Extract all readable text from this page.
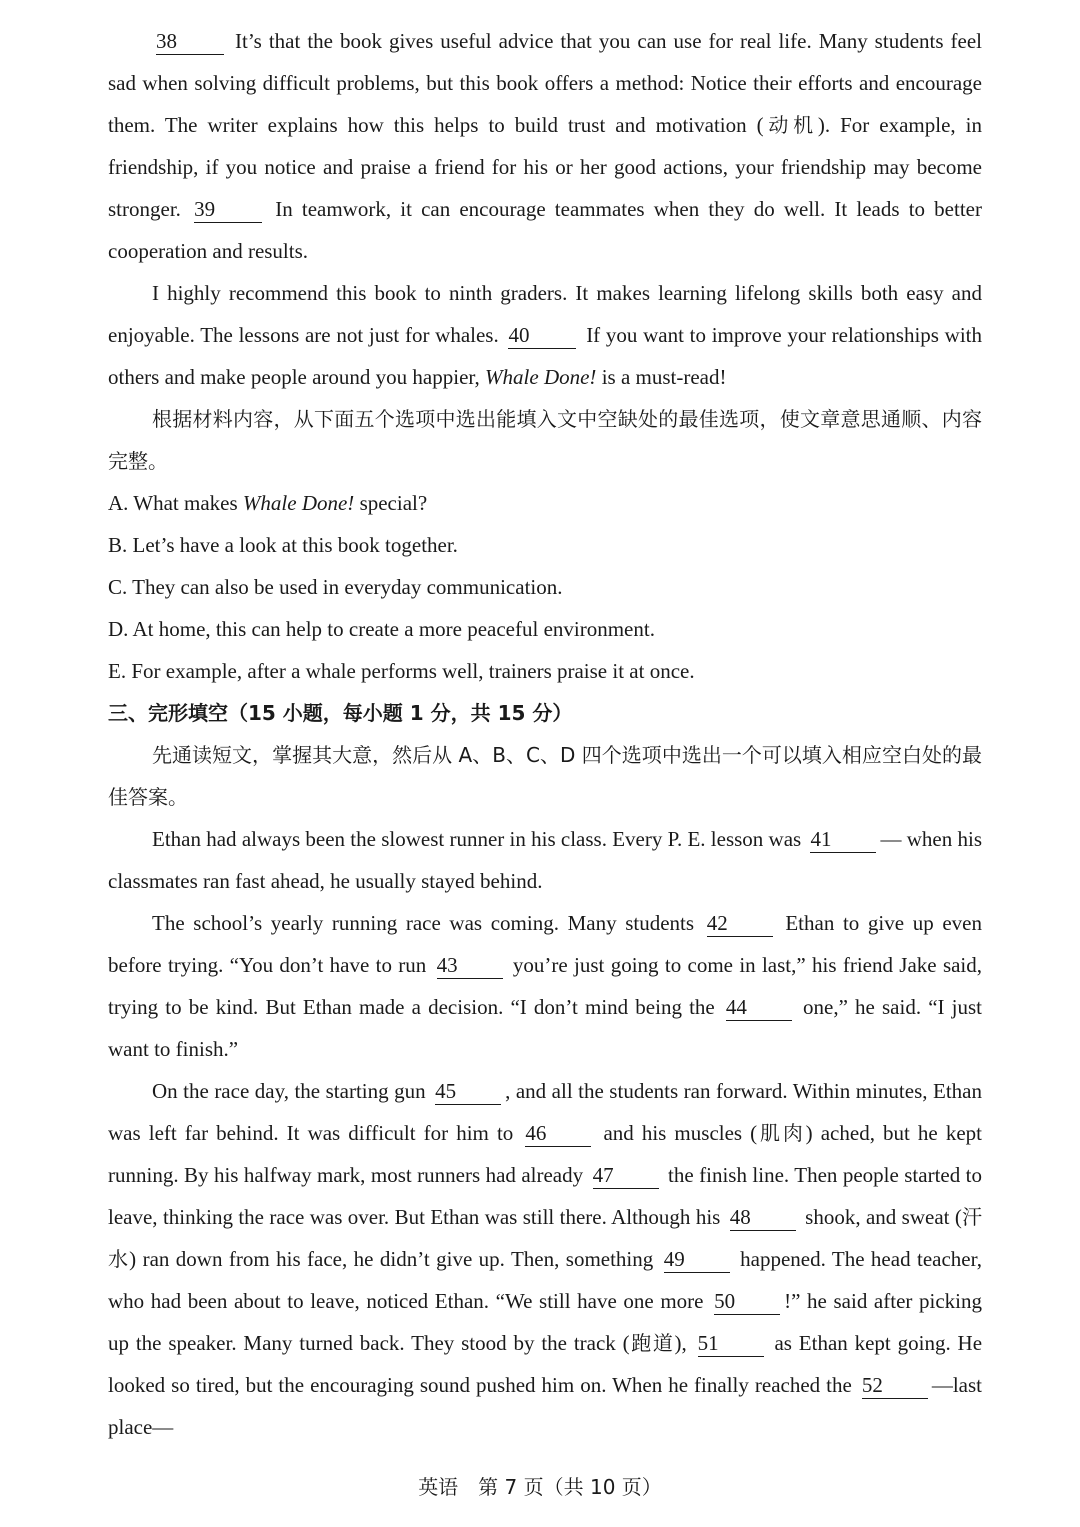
38 It’s that the book gives useful advice that you can use for real life. Many students feel sad when solving difficult problems, but this book offers a method: Notice their efforts and encourage them. The writer explains how this helps to build trust and motivation (动机). For example, in friendship, if you notice and praise a friend for his or her good actions, your friendship may become stronger. 39 In teamwork, it can encourage teammates when they do well. It leads to better cooperation and results.

I highly recommend this book to ninth graders. It makes learning lifelong skills both easy and enjoyable. The lessons are not just for whales. 40 If you want to improve your relationships with others and make people around you happier, Whale Done! is a must-read!

根据材料内容，从下面五个选项中选出能填入文中空缺处的最佳选项，使文章意思通顺、内容完整。

A. What makes Whale Done! special?

B. Let’s have a look at this book together.

C. They can also be used in everyday communication.

D. At home, this can help to create a more peaceful environment.

E. For example, after a whale performs well, trainers praise it at once.

三、完形填空（15 小题，每小题 1 分，共 15 分）

先通读短文，掌握其大意，然后从 A、B、C、D 四个选项中选出一个可以填入相应空白处的最佳答案。

Ethan had always been the slowest runner in his class. Every P. E. lesson was 41 — when his classmates ran fast ahead, he usually stayed behind.

The school’s yearly running race was coming. Many students 42	Ethan to give up even before trying. “You don’t have to run 43	you’re just going to come in last,” his friend Jake said, trying to be kind. But Ethan made a decision. “I don’t mind being the 44	one,” he said. “I just want to finish.”

On the race day, the starting gun 45 , and all the students ran forward. Within minutes, Ethan was left far behind. It was difficult for him to 46	and his muscles (肌肉) ached, but he kept running. By his halfway mark, most runners had already 47	the finish line. Then people started to leave, thinking the race was over. But Ethan was still there. Although his 48	shook, and sweat (汗水) ran down from his face, he didn’t give up. Then, something 49	happened. The head teacher, who had been about to leave, noticed Ethan. “We still have one more 50 !” he said after picking up the speaker. Many turned back. They stood by the track (跑道), 51	as Ethan kept going. He looked so tired, but the encouraging sound pushed him on. When he finally reached the 52 —last place—

英语　第 7 页（共 10 页）
